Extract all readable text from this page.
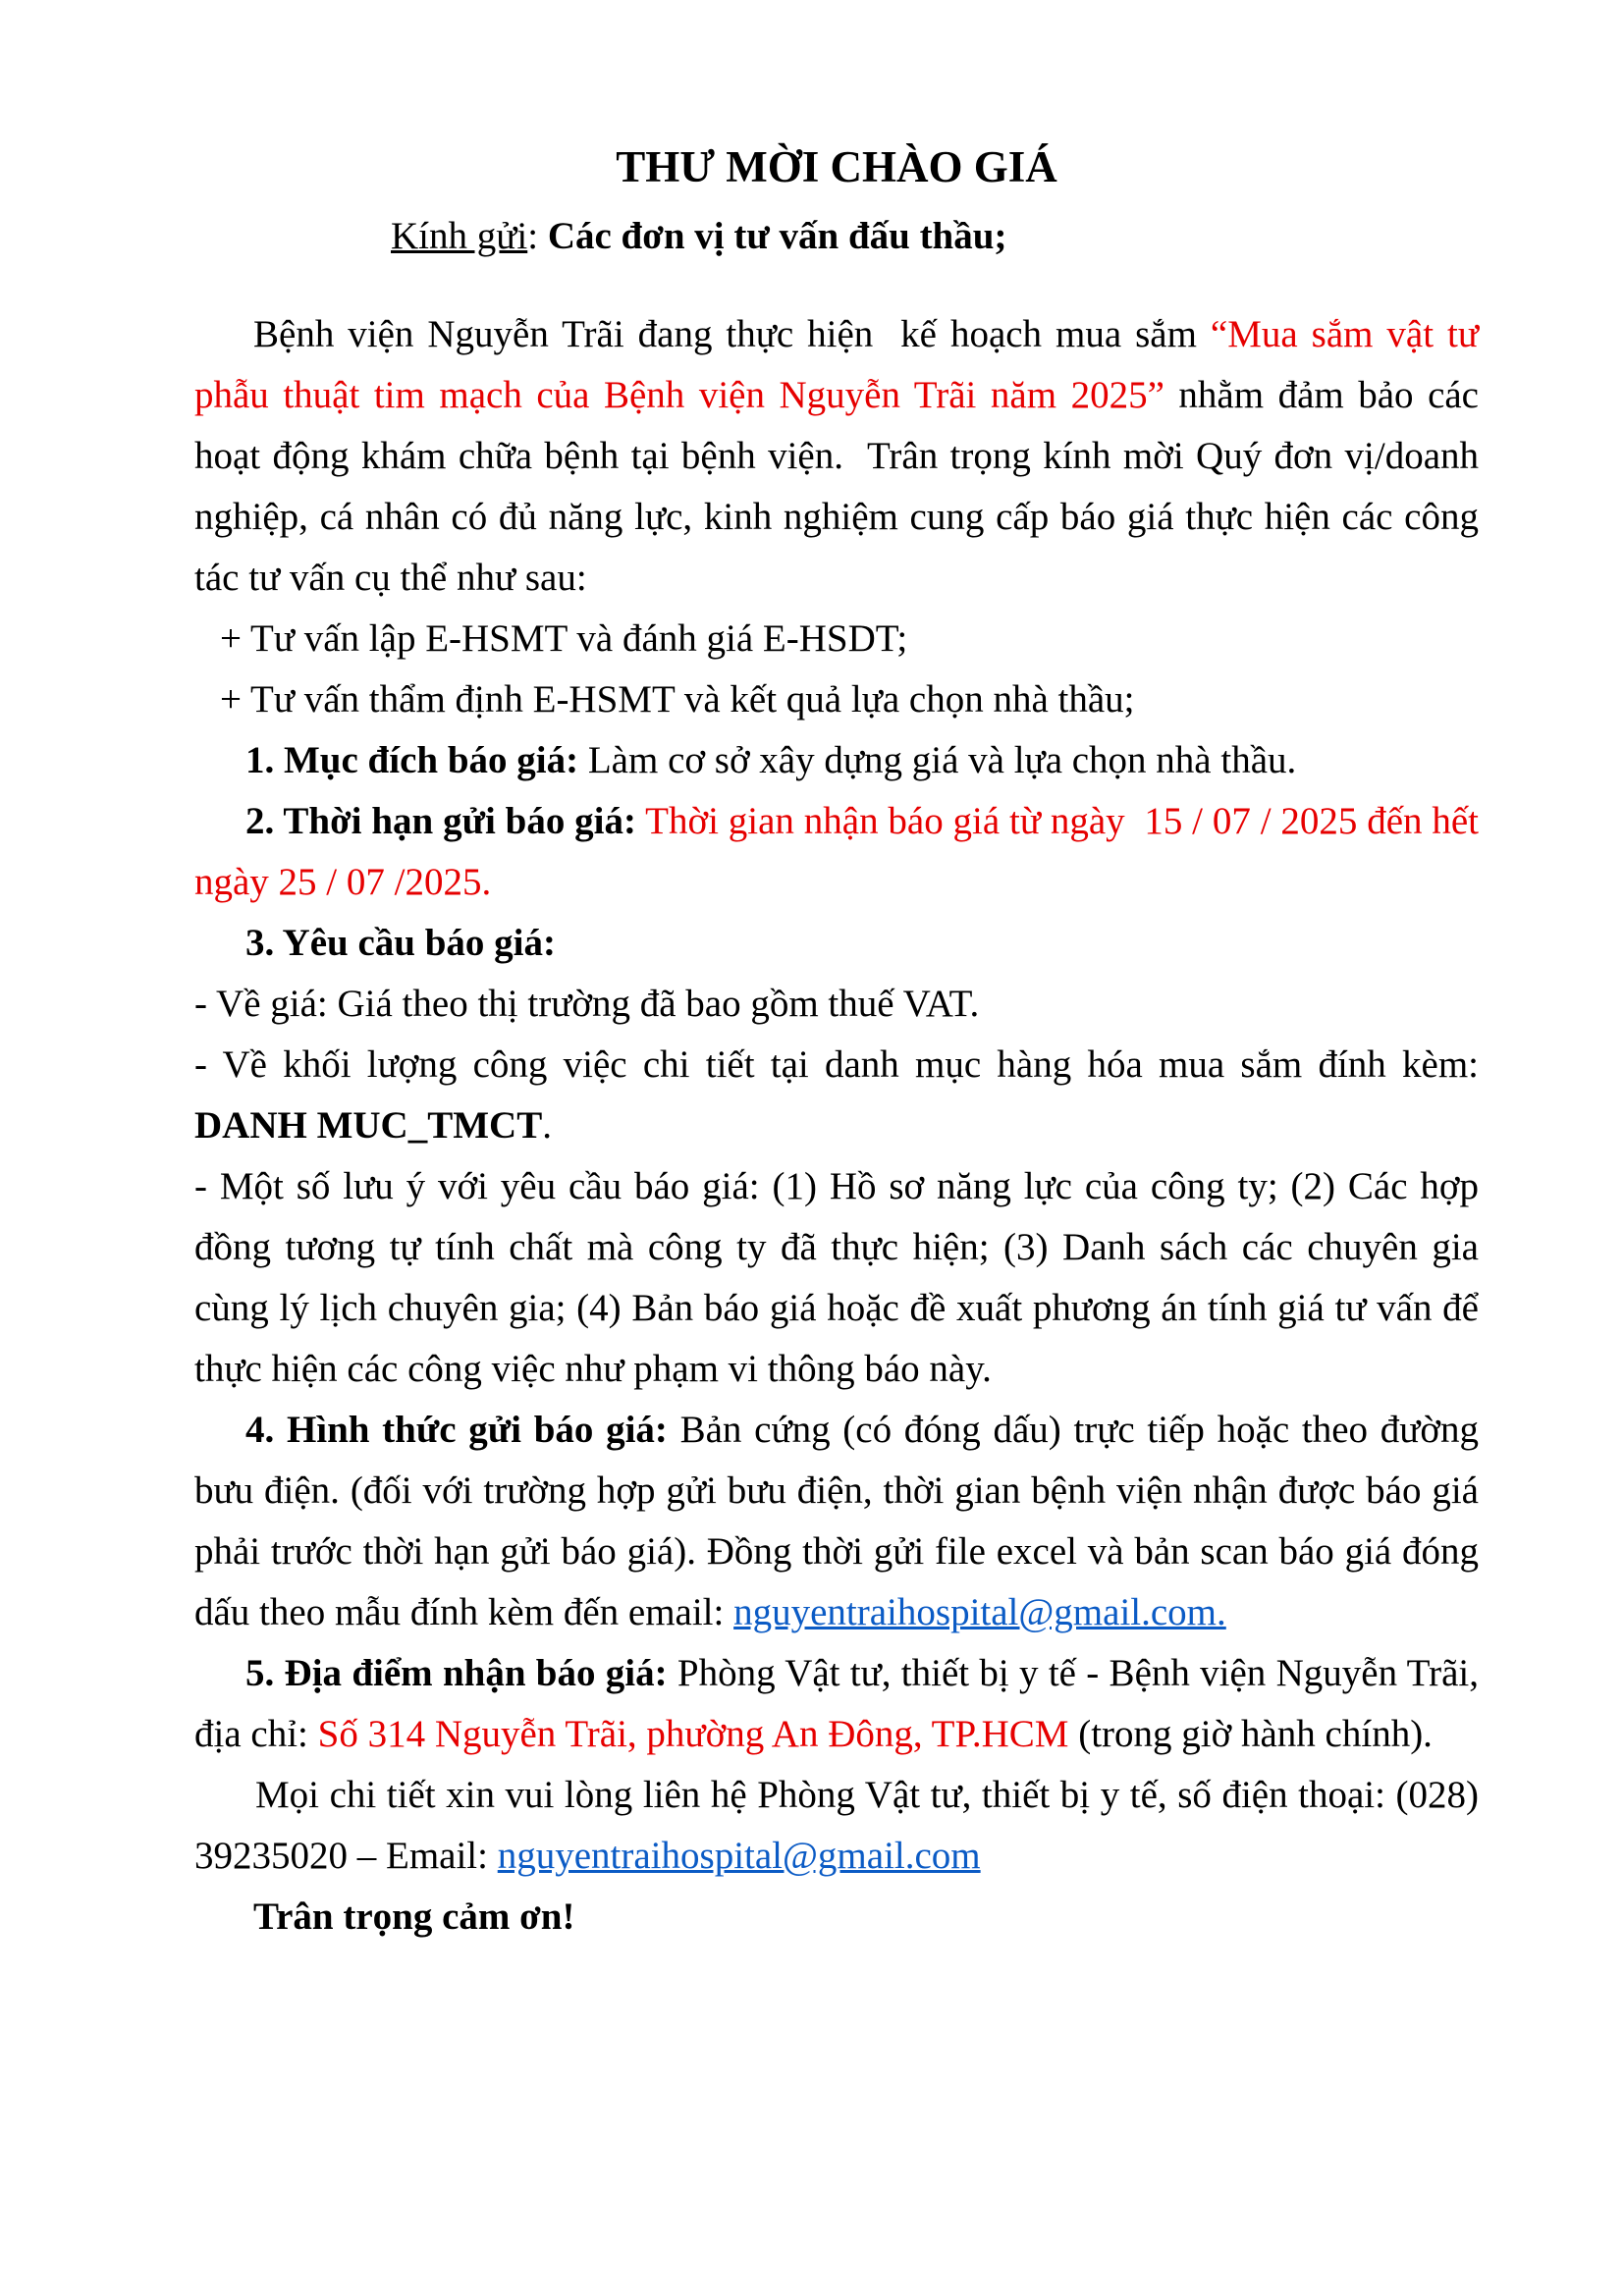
THƯ MỜI CHÀO GIÁ

Kính gửi: Các đơn vị tư vấn đấu thầu;

Bệnh viện Nguyễn Trãi đang thực hiện  kế hoạch mua sắm “Mua sắm vật tư phẫu thuật tim mạch của Bệnh viện Nguyễn Trãi năm 2025” nhằm đảm bảo các hoạt động khám chữa bệnh tại bệnh viện.  Trân trọng kính mời Quý đơn vị/doanh nghiệp, cá nhân có đủ năng lực, kinh nghiệm cung cấp báo giá thực hiện các công tác tư vấn cụ thể như sau:

+ Tư vấn lập E-HSMT và đánh giá E-HSDT;

+ Tư vấn thẩm định E-HSMT và kết quả lựa chọn nhà thầu;

1. Mục đích báo giá: Làm cơ sở xây dựng giá và lựa chọn nhà thầu.

2. Thời hạn gửi báo giá: Thời gian nhận báo giá từ ngày  15 / 07 / 2025 đến hết ngày 25 / 07 /2025.

3. Yêu cầu báo giá:

- Về giá: Giá theo thị trường đã bao gồm thuế VAT.

- Về khối lượng công việc chi tiết tại danh mục hàng hóa mua sắm đính kèm: DANH MUC_TMCT.

- Một số lưu ý với yêu cầu báo giá: (1) Hồ sơ năng lực của công ty; (2) Các hợp đồng tương tự tính chất mà công ty đã thực hiện; (3) Danh sách các chuyên gia cùng lý lịch chuyên gia; (4) Bản báo giá hoặc đề xuất phương án tính giá tư vấn để thực hiện các công việc như phạm vi thông báo này.

4. Hình thức gửi báo giá: Bản cứng (có đóng dấu) trực tiếp hoặc theo đường bưu điện. (đối với trường hợp gửi bưu điện, thời gian bệnh viện nhận được báo giá phải trước thời hạn gửi báo giá). Đồng thời gửi file excel và bản scan báo giá đóng dấu theo mẫu đính kèm đến email: nguyentraihospital@gmail.com.

5. Địa điểm nhận báo giá: Phòng Vật tư, thiết bị y tế - Bệnh viện Nguyễn Trãi, địa chỉ: Số 314 Nguyễn Trãi, phường An Đông, TP.HCM (trong giờ hành chính).

Mọi chi tiết xin vui lòng liên hệ Phòng Vật tư, thiết bị y tế, số điện thoại: (028) 39235020 – Email: nguyentraihospital@gmail.com

Trân trọng cảm ơn!
